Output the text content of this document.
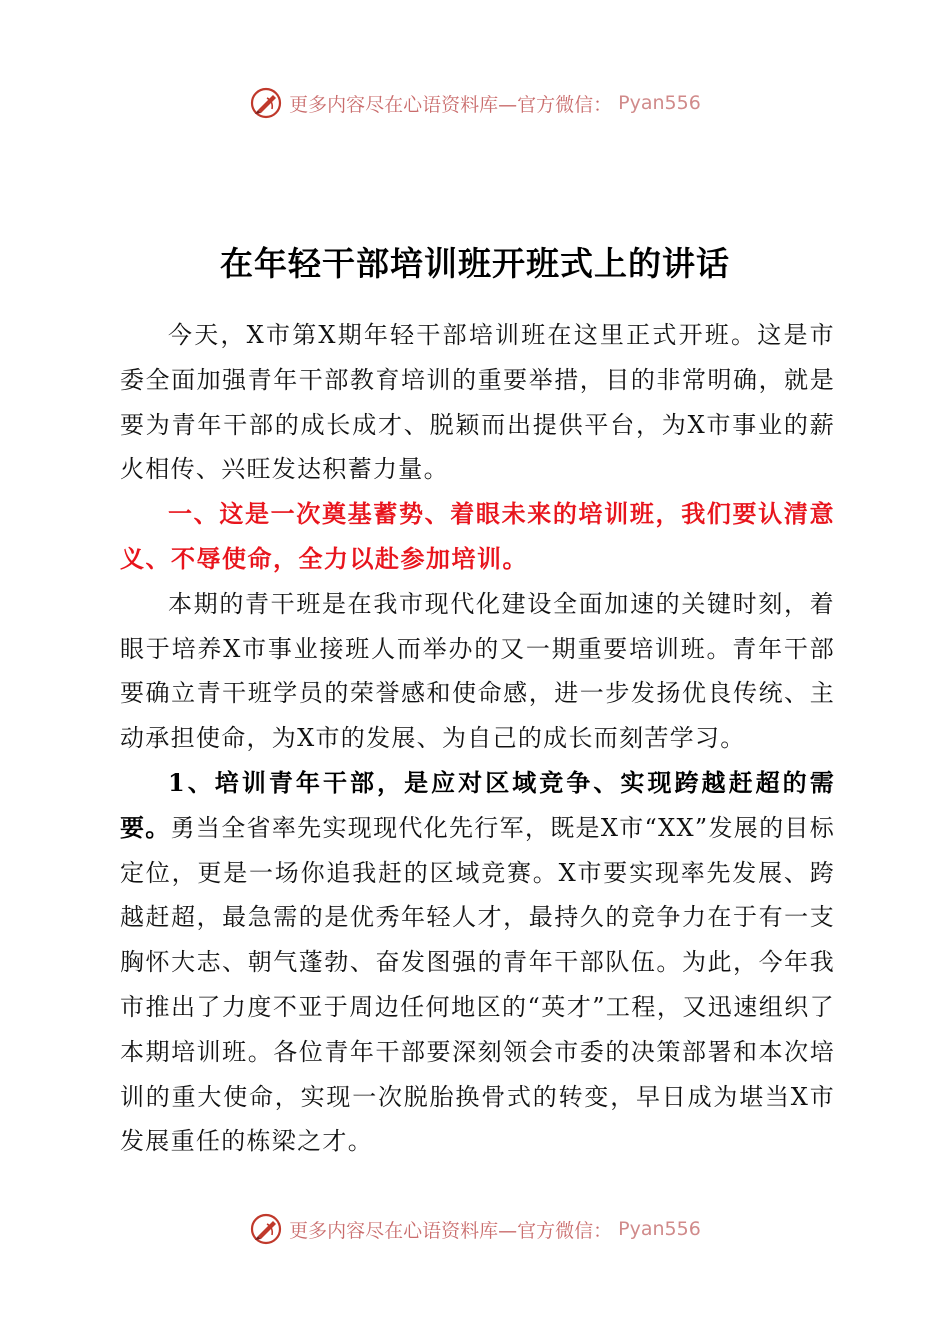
更多内容尽在心语资料库—官方微信： Pyan556
在年轻干部培训班开班式上的讲话

今天，X市第X期年轻干部培训班在这里正式开班。这是市委全面加强青年干部教育培训的重要举措，目的非常明确，就是要为青年干部的成长成才、脱颖而出提供平台，为X市事业的薪火相传、兴旺发达积蓄力量。

一、这是一次奠基蓄势、着眼未来的培训班，我们要认清意义、不辱使命，全力以赴参加培训。

本期的青干班是在我市现代化建设全面加速的关键时刻，着眼于培养X市事业接班人而举办的又一期重要培训班。青年干部要确立青干班学员的荣誉感和使命感，进一步发扬优良传统、主动承担使命，为X市的发展、为自己的成长而刻苦学习。

1、培训青年干部，是应对区域竞争、实现跨越赶超的需要。勇当全省率先实现现代化先行军，既是X市“XX”发展的目标定位，更是一场你追我赶的区域竞赛。X市要实现率先发展、跨越赶超，最急需的是优秀年轻人才，最持久的竞争力在于有一支胸怀大志、朝气蓬勃、奋发图强的青年干部队伍。为此，今年我市推出了力度不亚于周边任何地区的“英才”工程，又迅速组织了本期培训班。各位青年干部要深刻领会市委的决策部署和本次培训的重大使命，实现一次脱胎换骨式的转变，早日成为堪当X市发展重任的栋梁之才。

更多内容尽在心语资料库—官方微信： Pyan556
